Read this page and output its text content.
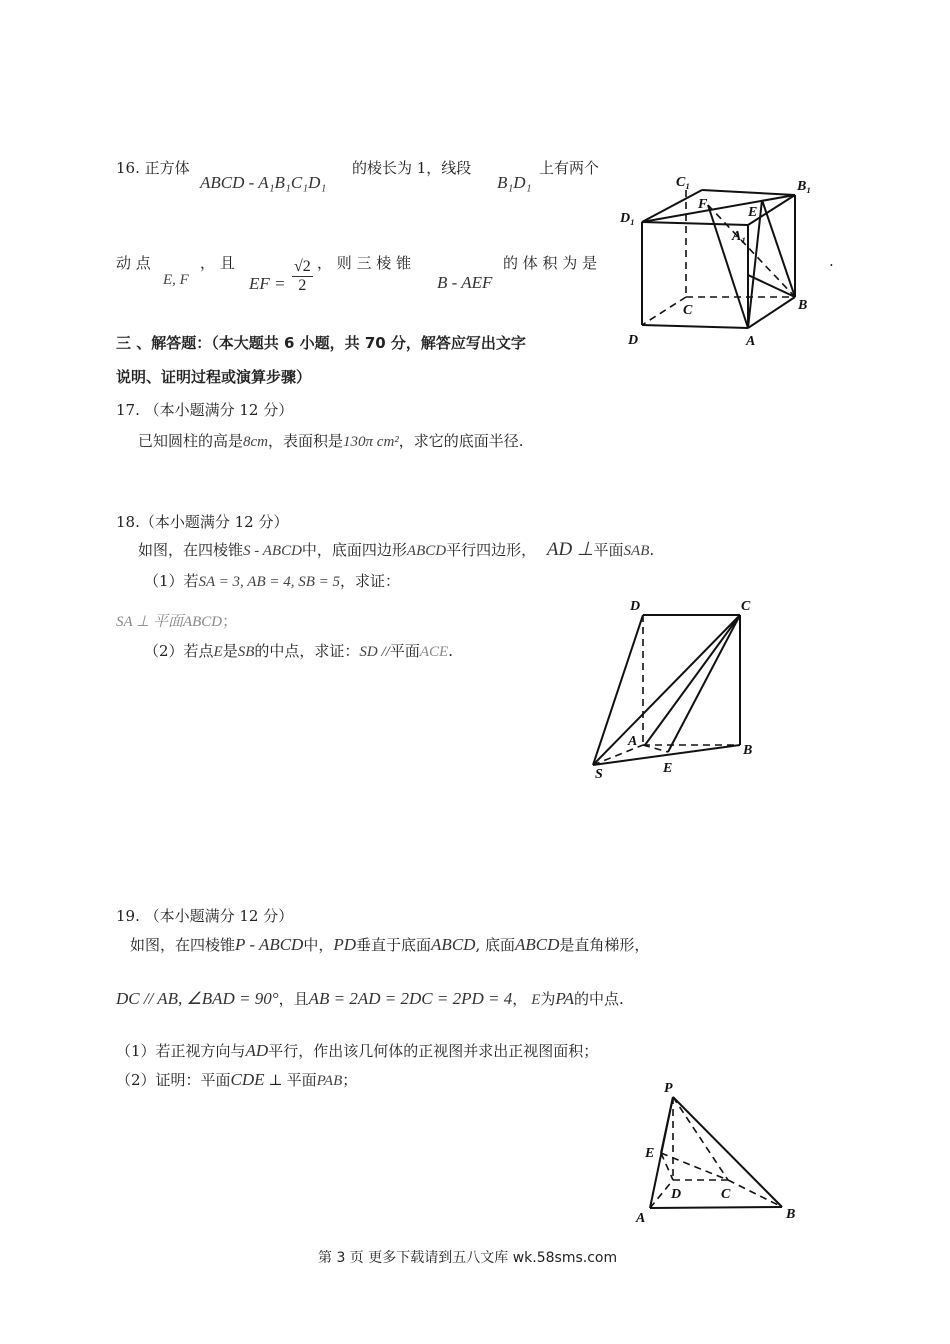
16. 正方体
ABCD - A₁B₁C₁D₁
的棱长为 1，线段
B₁D₁
上有两个
动 点
E, F
， 且
EF = $\frac{√2}{2}$ ， 则 三 棱 锥
B - AEF
的 体 积 为 是	.
C₁	B₁
D₁
F
E
A₁
C	B
D	A
三 、解答题：（本大题共 6 小题，共 70 分，解答应写出文字
说明、证明过程或演算步骤）
17. （本小题满分 12 分）
已知圆柱的高是8cm，表面积是130π cm²，求它的底面半径.
18.（本小题满分 12 分）
如图，在四棱锥S - ABCD中，底面四边形ABCD平行四边形， AD ⊥平面SAB.
（1）若SA = 3, AB = 4, SB = 5，求证：
SA ⊥ 平面ABCD；
（2）若点E是SB的中点，求证：SD //平面ACE.
D	C
A
B
S	E
19. （本小题满分 12 分）
如图，在四棱锥P - ABCD中，PD垂直于底面ABCD, 底面ABCD是直角梯形，
DC // AB, ∠BAD = 90°，且AB = 2AD = 2DC = 2PD = 4， E为PA的中点.
（1）若正视方向与AD平行，作出该几何体的正视图并求出正视图面积；
（2）证明：平面CDE ⊥ 平面PAB；	P
E
D	C
A	B
第 3 页 更多下载请到五八文库 wk.58sms.com
